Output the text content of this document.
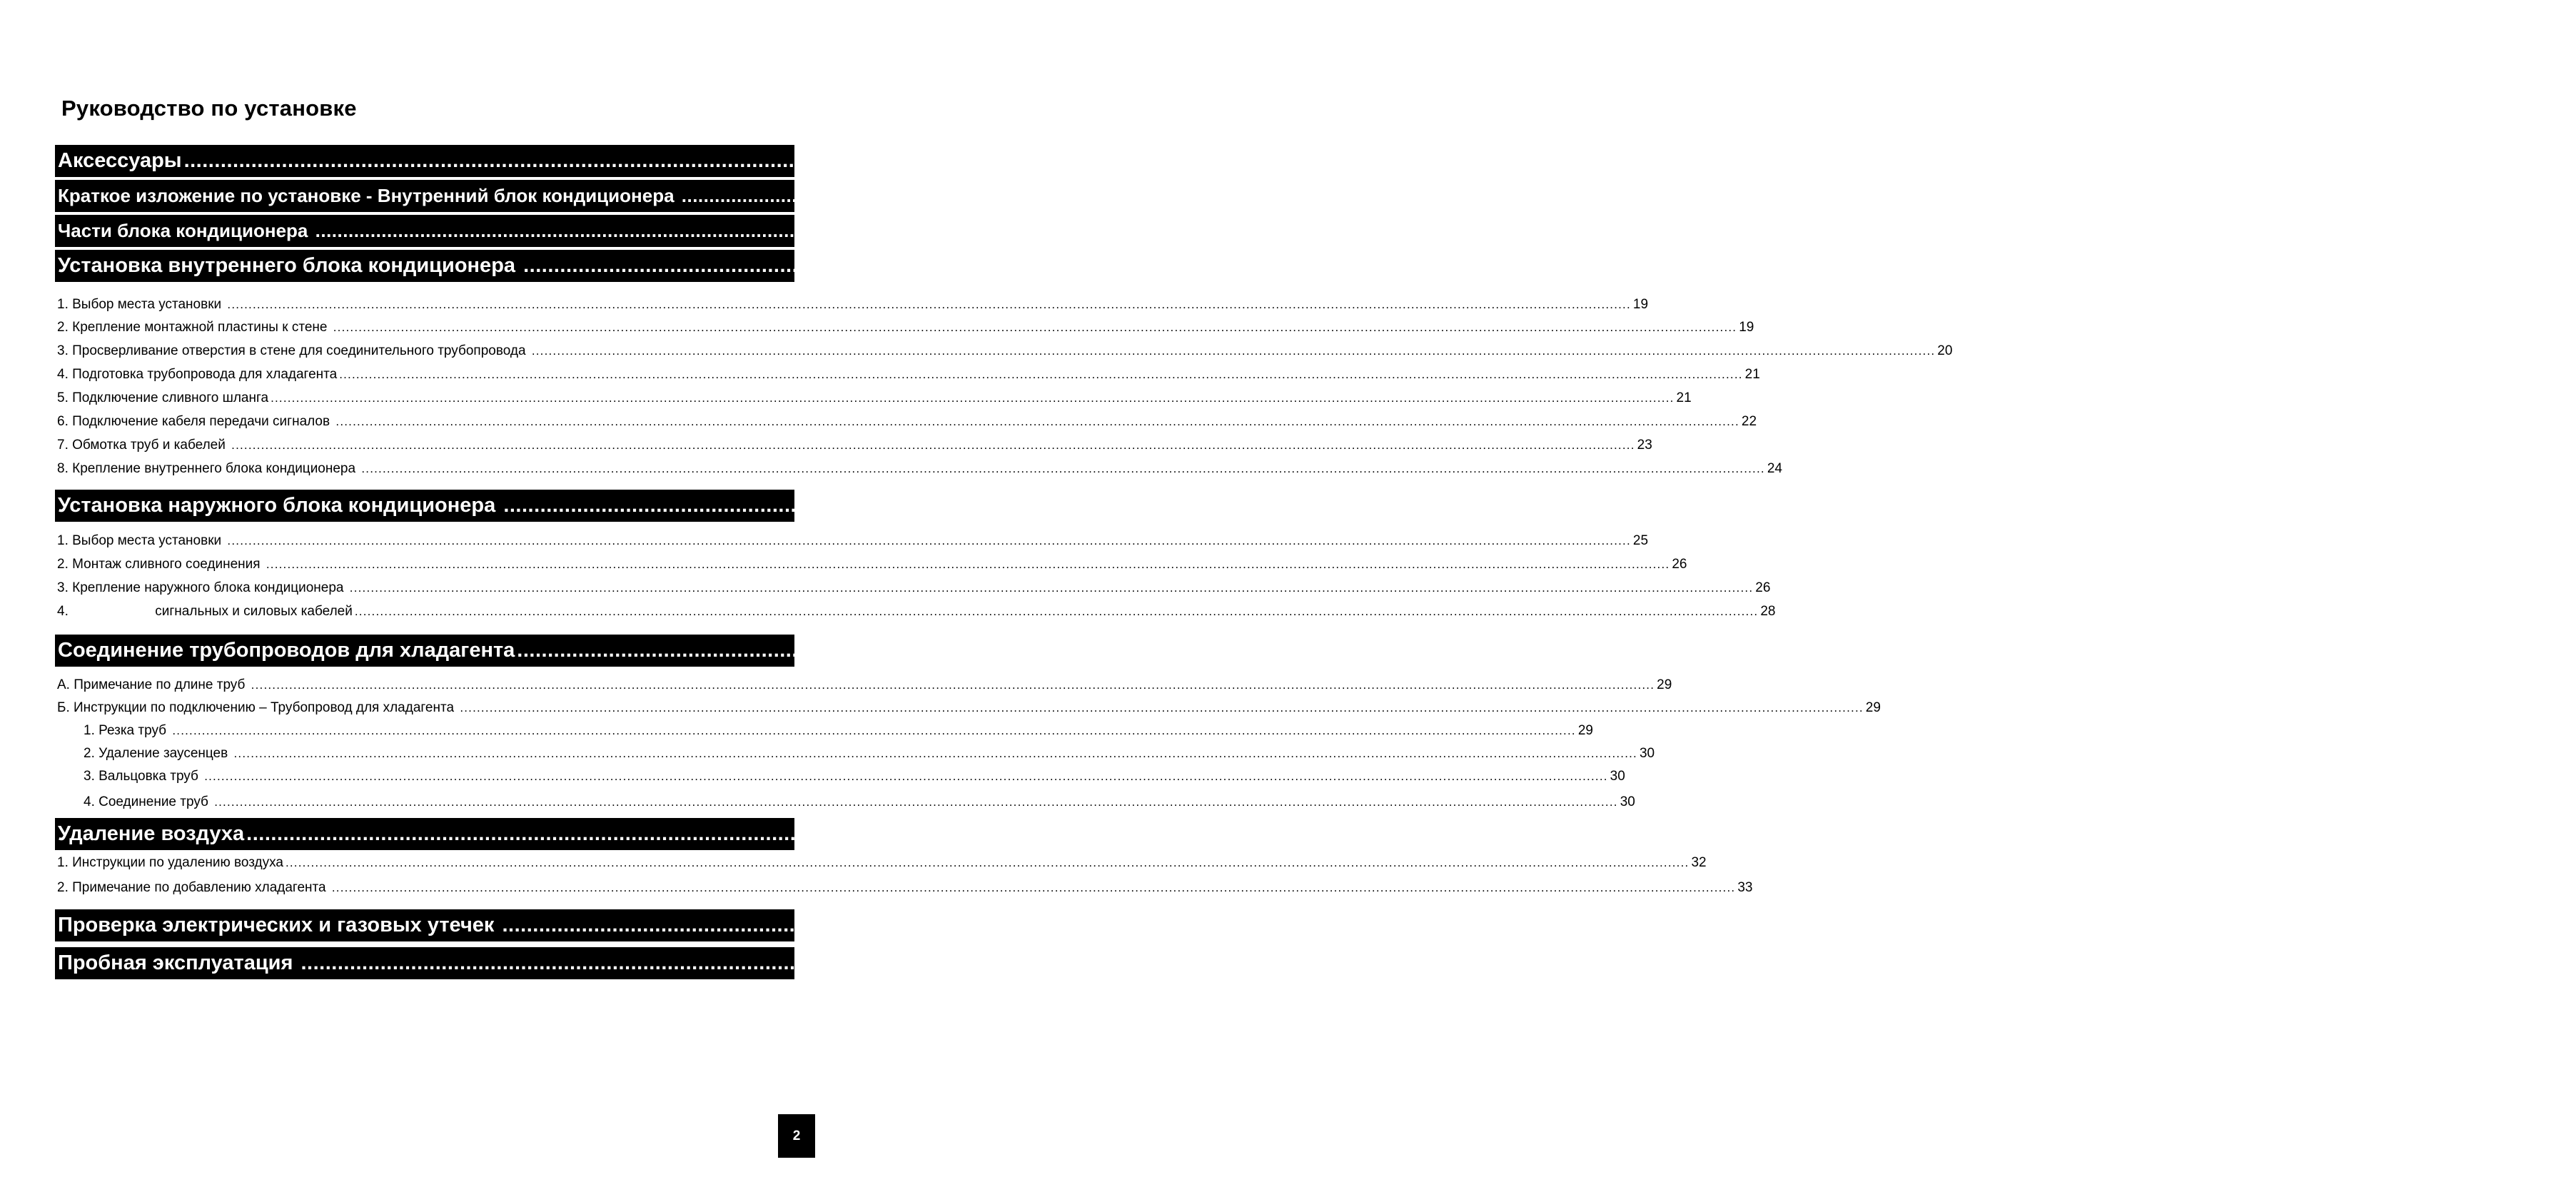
Руководство по установке
Аксессуары ............................................................................................................................................................................................................................................................................................................................................ 16
Краткое изложение по установке - Внутренний блок кондиционера ............................................................................................................................................................................................................................................................................................................................................ 17
Части блока кондиционера ............................................................................................................................................................................................................................................................................................................................................ 18
Установка внутреннего блока кондиционера ............................................................................................................................................................................................................................................................................................................................................ 19
1. Выбор места установки ............................................................................................................................................................................................................................................................................................................................................ 19
2. Крепление монтажной пластины к стене ............................................................................................................................................................................................................................................................................................................................................ 19
3. Просверливание отверстия в стене для соединительного трубопровода ............................................................................................................................................................................................................................................................................................................................................ 20
4. Подготовка трубопровода для хладагента ............................................................................................................................................................................................................................................................................................................................................ 21
5. Подключение сливного шланга ............................................................................................................................................................................................................................................................................................................................................ 21
6. Подключение кабеля передачи сигналов ............................................................................................................................................................................................................................................................................................................................................ 22
7. Обмотка труб и кабелей ............................................................................................................................................................................................................................................................................................................................................ 23
8. Крепление внутреннего блока кондиционера ............................................................................................................................................................................................................................................................................................................................................ 24
Установка наружного блока кондиционера ............................................................................................................................................................................................................................................................................................................................................ 25
1. Выбор места установки ............................................................................................................................................................................................................................................................................................................................................ 25
2. Монтаж сливного соединения ............................................................................................................................................................................................................................................................................................................................................ 26
3. Крепление наружного блока кондиционера ............................................................................................................................................................................................................................................................................................................................................ 26
4.                       сигнальных и силовых кабелей ............................................................................................................................................................................................................................................................................................................................................ 28
Соединение трубопроводов для хладагента ............................................................................................................................................................................................................................................................................................................................................ 29
А. Примечание по длине труб ............................................................................................................................................................................................................................................................................................................................................ 29
Б. Инструкции по подключению – Трубопровод для хладагента ............................................................................................................................................................................................................................................................................................................................................ 29
1. Резка труб ............................................................................................................................................................................................................................................................................................................................................ 29
2. Удаление заусенцев ............................................................................................................................................................................................................................................................................................................................................ 30
3. Вальцовка труб ............................................................................................................................................................................................................................................................................................................................................ 30
4. Соединение труб ............................................................................................................................................................................................................................................................................................................................................ 30
Удаление воздуха ............................................................................................................................................................................................................................................................................................................................................ 32
1. Инструкции по удалению воздуха ............................................................................................................................................................................................................................................................................................................................................ 32
2. Примечание по добавлению хладагента ............................................................................................................................................................................................................................................................................................................................................ 33
Проверка электрических и газовых утечек ............................................................................................................................................................................................................................................................................................................................................ 34
Пробная эксплуатация ............................................................................................................................................................................................................................................................................................................................................ 35
2
